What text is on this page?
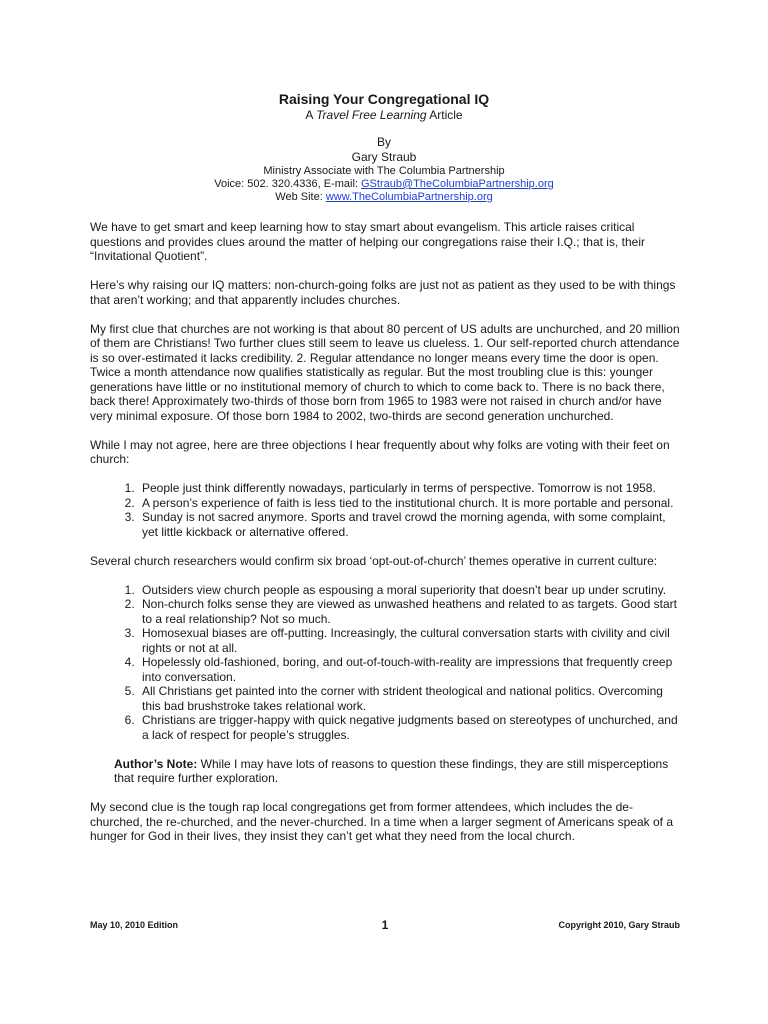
Raising Your Congregational IQ
A Travel Free Learning Article
By
Gary Straub
Ministry Associate with The Columbia Partnership
Voice: 502. 320.4336, E-mail: GStraub@TheColumbiaPartnership.org
Web Site: www.TheColumbiaPartnership.org

We have to get smart and keep learning how to stay smart about evangelism. This article raises critical questions and provides clues around the matter of helping our congregations raise their I.Q.; that is, their “Invitational Quotient”.

Here’s why raising our IQ matters: non-church-going folks are just not as patient as they used to be with things that aren’t working; and that apparently includes churches.

My first clue that churches are not working is that about 80 percent of US adults are unchurched, and 20 million of them are Christians! Two further clues still seem to leave us clueless. 1. Our self-reported church attendance is so over-estimated it lacks credibility. 2. Regular attendance no longer means every time the door is open. Twice a month attendance now qualifies statistically as regular. But the most troubling clue is this: younger generations have little or no institutional memory of church to which to come back to. There is no back there, back there! Approximately two-thirds of those born from 1965 to 1983 were not raised in church and/or have very minimal exposure. Of those born 1984 to 2002, two-thirds are second generation unchurched.

While I may not agree, here are three objections I hear frequently about why folks are voting with their feet on church:

1. People just think differently nowadays, particularly in terms of perspective. Tomorrow is not 1958.
2. A person’s experience of faith is less tied to the institutional church. It is more portable and personal.
3. Sunday is not sacred anymore. Sports and travel crowd the morning agenda, with some complaint, yet little kickback or alternative offered.

Several church researchers would confirm six broad ‘opt-out-of-church’ themes operative in current culture:

1. Outsiders view church people as espousing a moral superiority that doesn’t bear up under scrutiny.
2. Non-church folks sense they are viewed as unwashed heathens and related to as targets. Good start to a real relationship? Not so much.
3. Homosexual biases are off-putting. Increasingly, the cultural conversation starts with civility and civil rights or not at all.
4. Hopelessly old-fashioned, boring, and out-of-touch-with-reality are impressions that frequently creep into conversation.
5. All Christians get painted into the corner with strident theological and national politics. Overcoming this bad brushstroke takes relational work.
6. Christians are trigger-happy with quick negative judgments based on stereotypes of unchurched, and a lack of respect for people’s struggles.

Author’s Note: While I may have lots of reasons to question these findings, they are still misperceptions that require further exploration.

My second clue is the tough rap local congregations get from former attendees, which includes the de-churched, the re-churched, and the never-churched. In a time when a larger segment of Americans speak of a hunger for God in their lives, they insist they can’t get what they need from the local church.

May 10, 2010 Edition	1	Copyright 2010, Gary Straub
